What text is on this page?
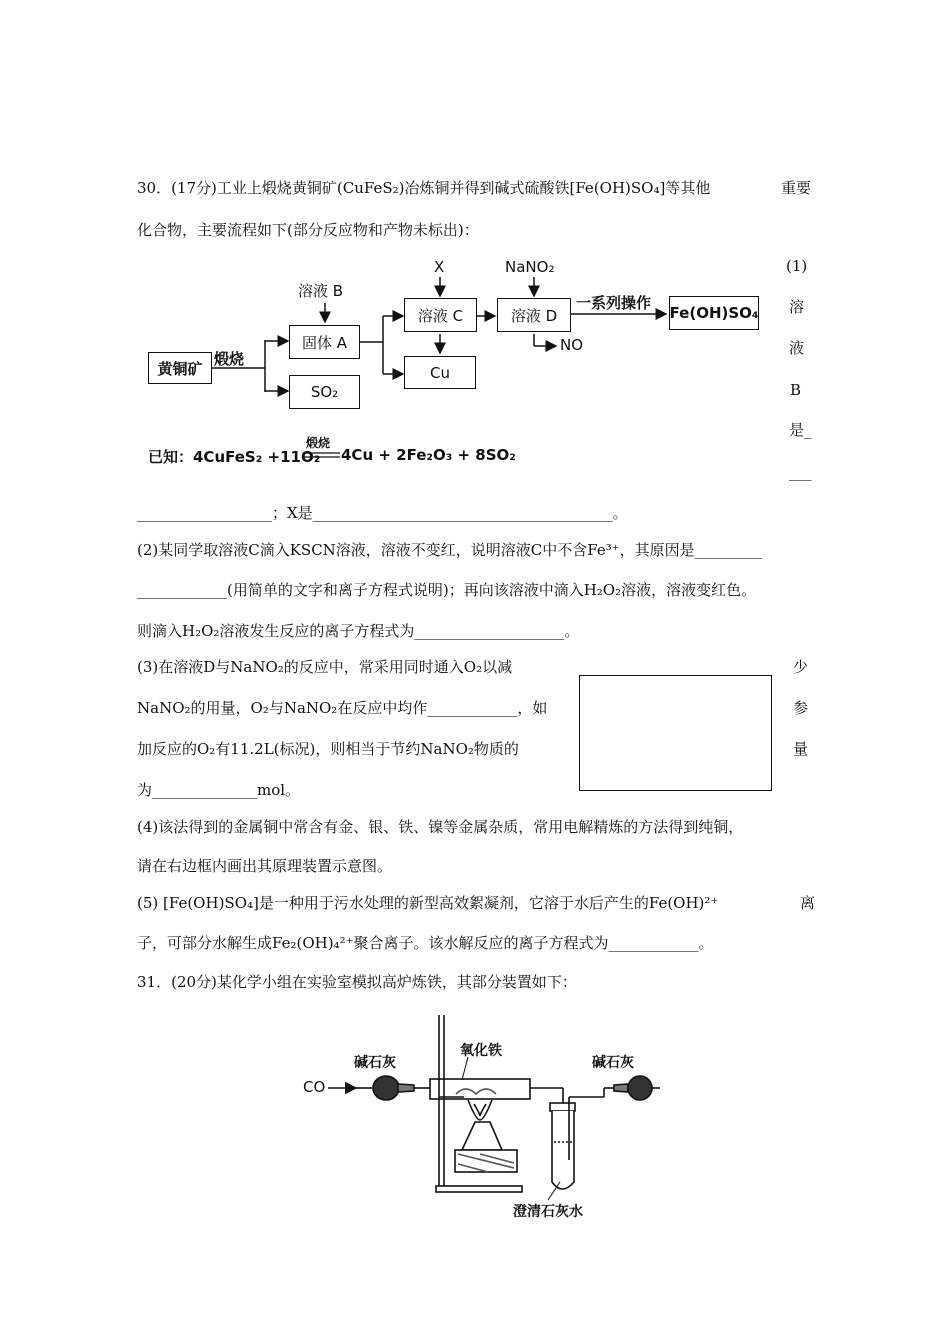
30．(17分)工业上煅烧黄铜矿(CuFeS₂)冶炼铜并得到碱式硫酸铁[Fe(OH)SO₄]等其他	重要
化合物，主要流程如下(部分反应物和产物未标出)：
(1)
溶
液
B
是_
___
黄铜矿
煅烧
溶液 B
固体 A
SO₂
X	NaNO₂
溶液 C	溶液 D
Cu
NO
一系列操作
Fe(OH)SO₄
已知：4CuFeS₂ +11O₂
煅烧
4Cu + 2Fe₂O₃ + 8SO₂
__________________；X是________________________________________。
(2)某同学取溶液C滴入KSCN溶液，溶液不变红，说明溶液C中不含Fe³⁺，其原因是_________
____________(用简单的文字和离子方程式说明)；再向该溶液中滴入H₂O₂溶液，溶液变红色。
则滴入H₂O₂溶液发生反应的离子方程式为____________________。
(3)在溶液D与NaNO₂的反应中，常采用同时通入O₂以减
NaNO₂的用量，O₂与NaNO₂在反应中均作____________，如
加反应的O₂有11.2L(标况)，则相当于节约NaNO₂物质的
为______________mol。
少
参
量
(4)该法得到的金属铜中常含有金、银、铁、镍等金属杂质，常用电解精炼的方法得到纯铜，
请在右边框内画出其原理装置示意图。
(5) [Fe(OH)SO₄]是一种用于污水处理的新型高效絮凝剂，它溶于水后产生的Fe(OH)²⁺	离
子，可部分水解生成Fe₂(OH)₄²⁺聚合离子。该水解反应的离子方程式为____________。
31．(20分)某化学小组在实验室模拟高炉炼铁，其部分装置如下：
CO
碱石灰
氧化铁
碱石灰
澄清石灰水
